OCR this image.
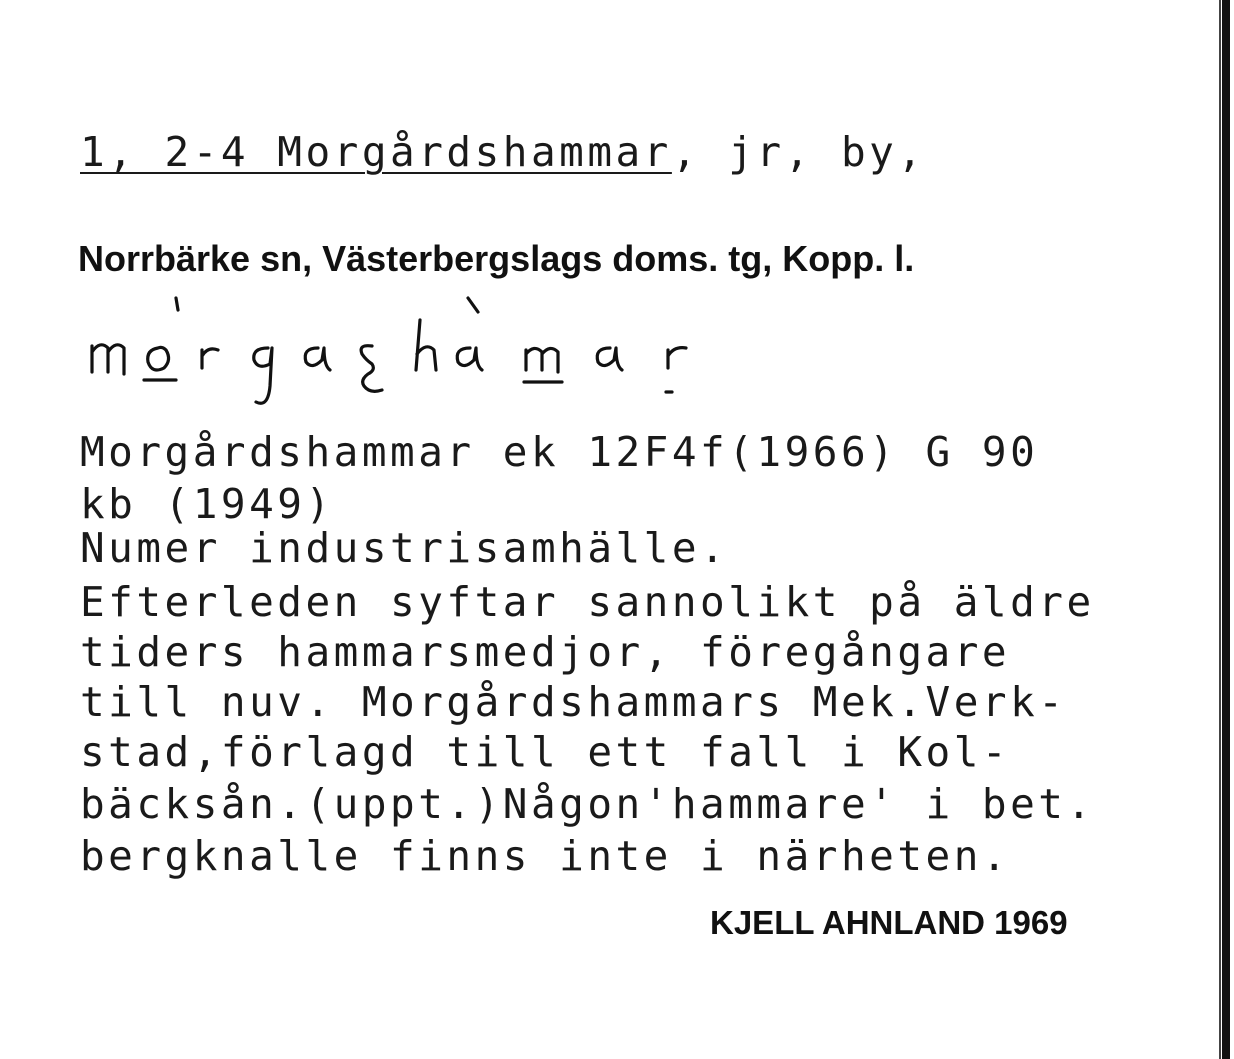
1, 2-4 Morgårdshammar, jr, by,
Norrbärke sn, Västerbergslags doms. tg, Kopp. l.
mŏrgaʂhàmar
Morgårdshammar ek 12F4f(1966) G 90
kb (1949)
Numer industrisamhälle.
Efterleden syftar sannolikt på äldre
tiders hammarsmedjor, föregångare
till nuv. Morgårdshammars Mek.Verk-
stad,förlagd till ett fall i Kol-
bäcksån.(uppt.)Någon'hammare' i bet.
bergknalle finns inte i närheten.
KJELL AHNLAND 1969
